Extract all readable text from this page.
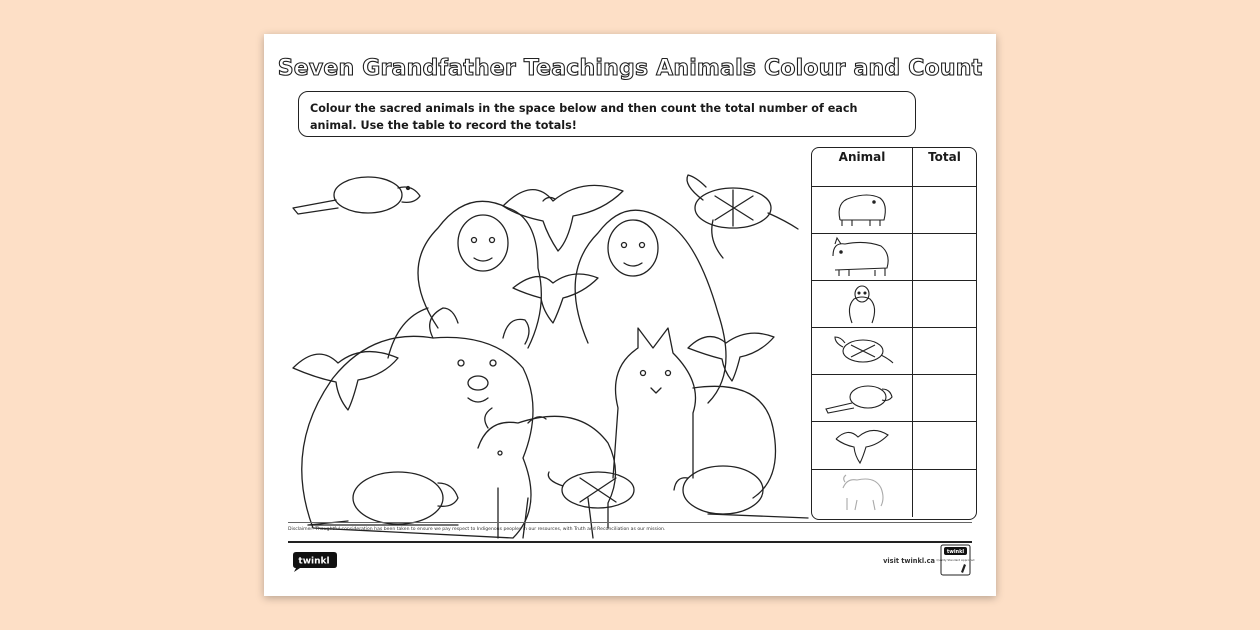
Seven Grandfather Teachings Animals Colour and Count
Colour the sacred animals in the space below and then count the total number of each animal. Use the table to record the totals!
Animal	Total
Disclaimer: Thoughtful consideration has been taken to ensure we pay respect to Indigenous peoples in our resources, with Truth and Reconciliation as our mission.
twinkl	visit twinkl.ca
twinkl
Quality Standard Approved
